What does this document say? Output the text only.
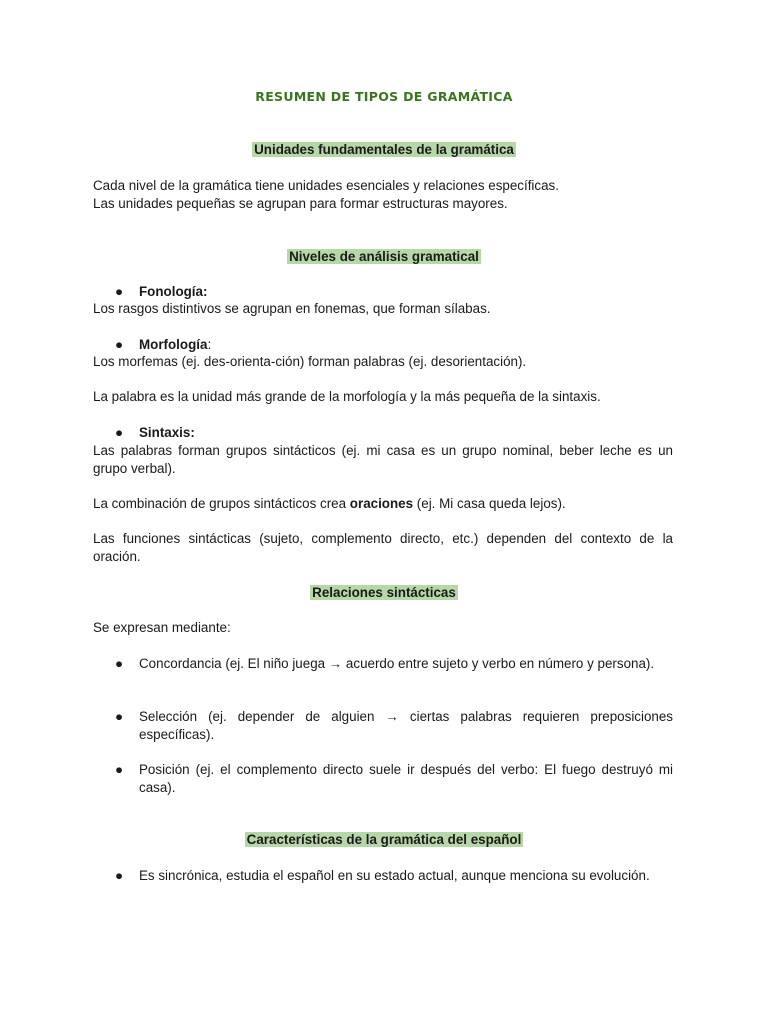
RESUMEN DE TIPOS DE GRAMÁTICA
Unidades fundamentales de la gramática
Cada nivel de la gramática tiene unidades esenciales y relaciones específicas.
Las unidades pequeñas se agrupan para formar estructuras mayores.
Niveles de análisis gramatical
● Fonología:
Los rasgos distintivos se agrupan en fonemas, que forman sílabas.
● Morfología:
Los morfemas (ej. des-orienta-ción) forman palabras (ej. desorientación).
La palabra es la unidad más grande de la morfología y la más pequeña de la sintaxis.
● Sintaxis:
Las palabras forman grupos sintácticos (ej. mi casa es un grupo nominal, beber leche es un grupo verbal).
La combinación de grupos sintácticos crea oraciones (ej. Mi casa queda lejos).
Las funciones sintácticas (sujeto, complemento directo, etc.) dependen del contexto de la oración.
Relaciones sintácticas
Se expresan mediante:
● Concordancia (ej. El niño juega → acuerdo entre sujeto y verbo en número y persona).
● Selección (ej. depender de alguien → ciertas palabras requieren preposiciones específicas).
● Posición (ej. el complemento directo suele ir después del verbo: El fuego destruyó mi casa).
Características de la gramática del español
● Es sincrónica, estudia el español en su estado actual, aunque menciona su evolución.
